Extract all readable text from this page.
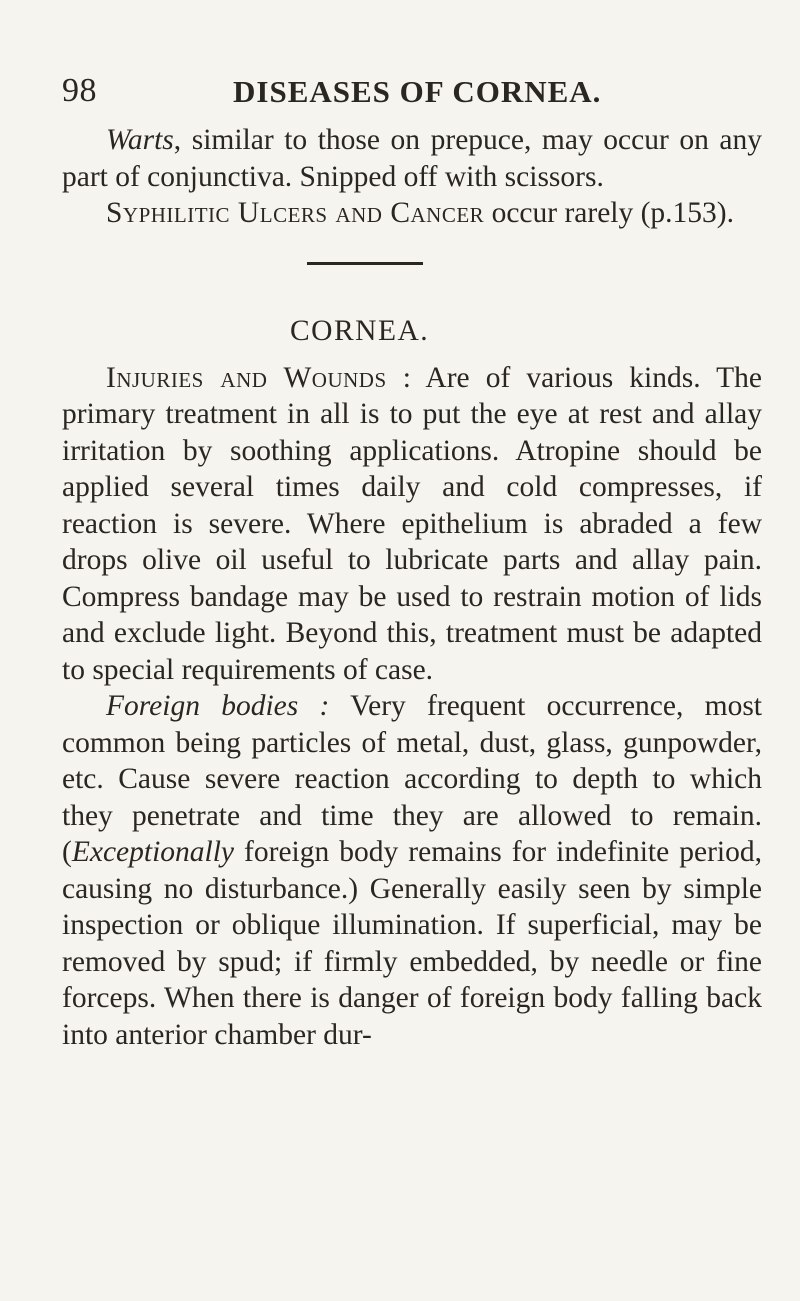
98	DISEASES OF CORNEA.

Warts, similar to those on prepuce, may occur on any part of conjunctiva. Snipped off with scissors.

Syphilitic Ulcers and Cancer occur rarely (p.153).

CORNEA.

Injuries and Wounds : Are of various kinds. The primary treatment in all is to put the eye at rest and allay irritation by soothing applications. Atropine should be applied several times daily and cold compresses, if reaction is severe. Where epithelium is abraded a few drops olive oil useful to lubricate parts and allay pain. Compress bandage may be used to restrain motion of lids and exclude light. Beyond this, treatment must be adapted to special requirements of case.

Foreign bodies : Very frequent occurrence, most common being particles of metal, dust, glass, gunpowder, etc. Cause severe reaction according to depth to which they penetrate and time they are allowed to remain. (Exceptionally foreign body remains for indefinite period, causing no disturbance.) Generally easily seen by simple inspection or oblique illumination. If superficial, may be removed by spud; if firmly embedded, by needle or fine forceps. When there is danger of foreign body falling back into anterior chamber dur-
